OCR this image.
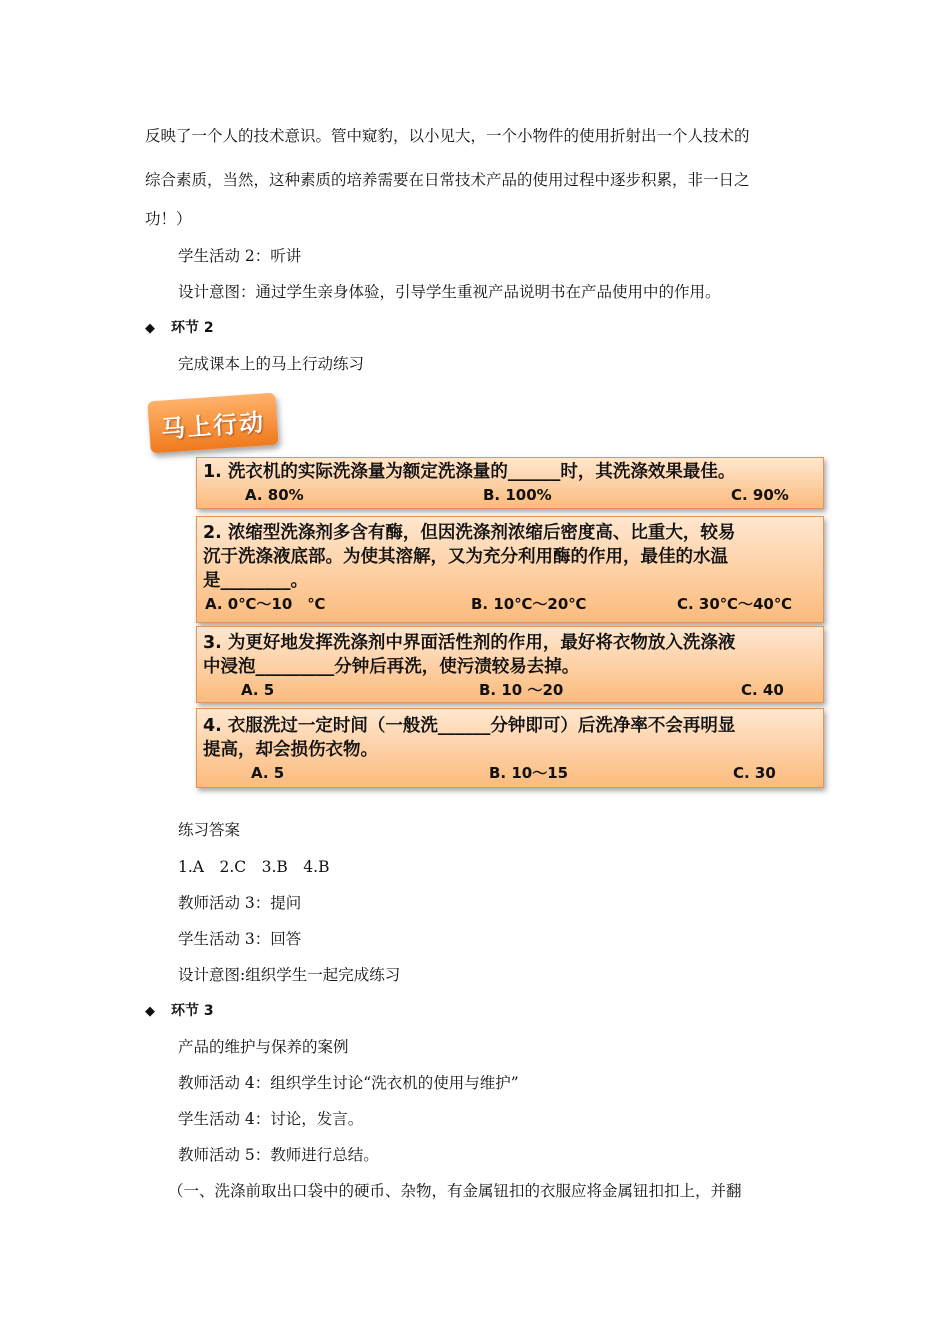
反映了一个人的技术意识。管中窥豹，以小见大，一个小物件的使用折射出一个人技术的
综合素质，当然，这种素质的培养需要在日常技术产品的使用过程中逐步积累，非一日之
功！）
学生活动 2：听讲
设计意图：通过学生亲身体验，引导学生重视产品说明书在产品使用中的作用。
◆ 环节 2
完成课本上的马上行动练习
马上行动
1. 洗衣机的实际洗涤量为额定洗涤量的______时，其洗涤效果最佳。
A. 80%	B. 100%	C. 90%
2. 浓缩型洗涤剂多含有酶，但因洗涤剂浓缩后密度高、比重大，较易
沉于洗涤液底部。为使其溶解，又为充分利用酶的作用，最佳的水温
是________。
A. 0℃～10　℃	B. 10℃～20℃	C. 30℃～40℃
3. 为更好地发挥洗涤剂中界面活性剂的作用，最好将衣物放入洗涤液
中浸泡_________分钟后再洗，使污渍较易去掉。
A. 5	B. 10 ～20	C. 40
4. 衣服洗过一定时间（一般洗______分钟即可）后洗净率不会再明显
提高，却会损伤衣物。
A. 5	B. 10～15	C. 30
练习答案
1.A　2.C　3.B　4.B
教师活动 3：提问
学生活动 3：回答
设计意图:组织学生一起完成练习
◆ 环节 3
产品的维护与保养的案例
教师活动 4：组织学生讨论“洗衣机的使用与维护”
学生活动 4：讨论，发言。
教师活动 5：教师进行总结。
（一、洗涤前取出口袋中的硬币、杂物，有金属钮扣的衣服应将金属钮扣扣上，并翻
